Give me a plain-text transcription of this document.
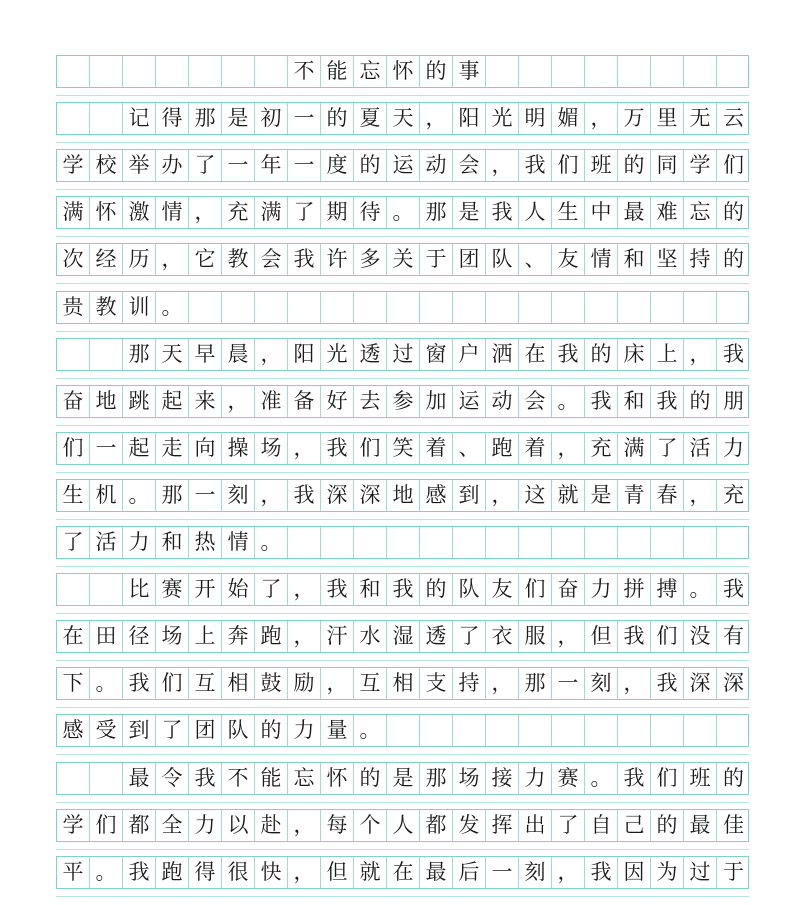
不 能 忘 怀 的 事
记 得 那 是 初 一 的 夏 天 ， 阳 光 明 媚 ， 万 里 无 云
学 校 举 办 了 一 年 一 度 的 运 动 会 ， 我 们 班 的 同 学 们
满 怀 激 情 ， 充 满 了 期 待 。 那 是 我 人 生 中 最 难 忘 的
次 经 历 ， 它 教 会 我 许 多 关 于 团 队 、 友 情 和 坚 持 的
贵 教 训 。
那 天 早 晨 ， 阳 光 透 过 窗 户 洒 在 我 的 床 上 ， 我
奋 地 跳 起 来 ， 准 备 好 去 参 加 运 动 会 。 我 和 我 的 朋
们 一 起 走 向 操 场 ， 我 们 笑 着 、 跑 着 ， 充 满 了 活 力
生 机 。 那 一 刻 ， 我 深 深 地 感 到 ， 这 就 是 青 春 ， 充
了 活 力 和 热 情 。
比 赛 开 始 了 ， 我 和 我 的 队 友 们 奋 力 拼 搏 。 我
在 田 径 场 上 奔 跑 ， 汗 水 湿 透 了 衣 服 ， 但 我 们 没 有
下 。 我 们 互 相 鼓 励 ， 互 相 支 持 ， 那 一 刻 ， 我 深 深
感 受 到 了 团 队 的 力 量 。
最 令 我 不 能 忘 怀 的 是 那 场 接 力 赛 。 我 们 班 的
学 们 都 全 力 以 赴 ， 每 个 人 都 发 挥 出 了 自 己 的 最 佳
平 。 我 跑 得 很 快 ， 但 就 在 最 后 一 刻 ， 我 因 为 过 于
